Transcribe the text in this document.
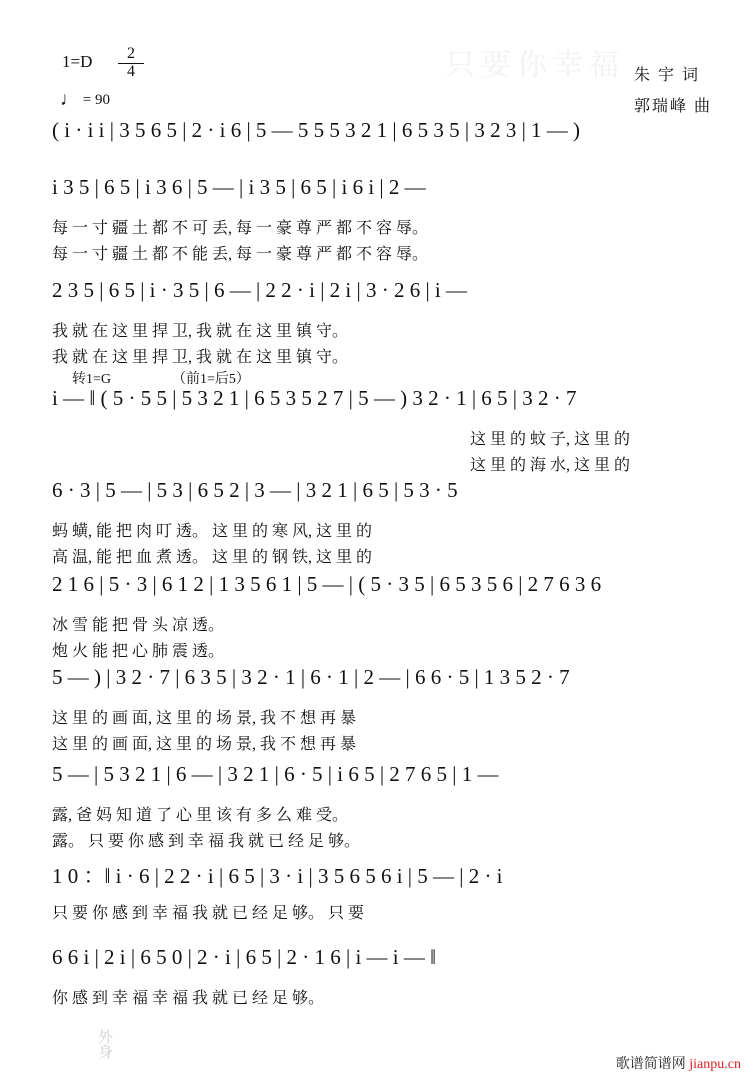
只要你幸福
$1=D \frac{2}{4}$
♩ = 90
朱 宇 词
郭瑞峰 曲
( i · i i | 3 5 6 5 | 2 · i 6 | 5 — 5 5 5 3 2 1 | 6 5 3 5 | 3 2 3 | 1 — )
i 3 5 | 6 5 | i 3 6 | 5 — | i 3 5 | 6 5 | i 6 i | 2 —
每 一 寸 疆 土 都 不 可 丢, 每 一 豪 尊 严 都 不 容 辱。
每 一 寸 疆 土 都 不 能 丢, 每 一 豪 尊 严 都 不 容 辱。
2 3 5 | 6 5 | i · 3 5 | 6 — | 2 2 · i | 2 i | 3 · 2 6 | i —
我 就 在 这 里 捍 卫, 我 就 在 这 里 镇 守。
我 就 在 这 里 捍 卫, 我 就 在 这 里 镇 守。
转1=G	（前1=后5）
i — ‖ ( 5 · 5 5 | 5 3 2 1 | 6 5 3 5 2 7 | 5 — ) 3 2 · 1 | 6 5 | 3 2 · 7
这 里 的 蚊 子, 这 里 的
这 里 的 海 水, 这 里 的
6 · 3 | 5 — | 5 3 | 6 5 2 | 3 — | 3 2 1 | 6 5 | 5 3 · 5
蚂 蟥, 能 把 肉 叮 透。 这 里 的 寒 风, 这 里 的
高 温, 能 把 血 煮 透。 这 里 的 钢 铁, 这 里 的
2 1 6 | 5 · 3 | 6 1 2 | 1 3 5 6 1 | 5 — | ( 5 · 3 5 | 6 5 3 5 6 | 2 7 6 3 6
冰 雪 能 把 骨 头 凉 透。
炮 火 能 把 心 肺 震 透。
5 — ) | 3 2 · 7 | 6 3 5 | 3 2 · 1 | 6 · 1 | 2 — | 6 6 · 5 | 1 3 5 2 · 7
这 里 的 画 面, 这 里 的 场 景, 我 不 想 再 暴
这 里 的 画 面, 这 里 的 场 景, 我 不 想 再 暴
5 — | 5 3 2 1 | 6 — | 3 2 1 | 6 · 5 | i 6 5 | 2 7 6 5 | 1 —
露, 爸 妈 知 道 了 心 里 该 有 多 么 难 受。
露。 只 要 你 感 到 幸 福 我 就 已 经 足 够。
1 0 ：‖ i · 6 | 2 2 · i | 6 5 | 3 · i | 3 5 6 5 6 i | 5 — | 2 · i
只 要 你 感 到 幸 福 我 就 已 经 足 够。 只 要
6 6 i | 2 i | 6 5 0 | 2 · i | 6 5 | 2 · 1 6 | i — i — ‖
你 感 到 幸 福 幸 福 我 就 已 经 足 够。
外
身
歌谱简谱网 jianpu.cn
